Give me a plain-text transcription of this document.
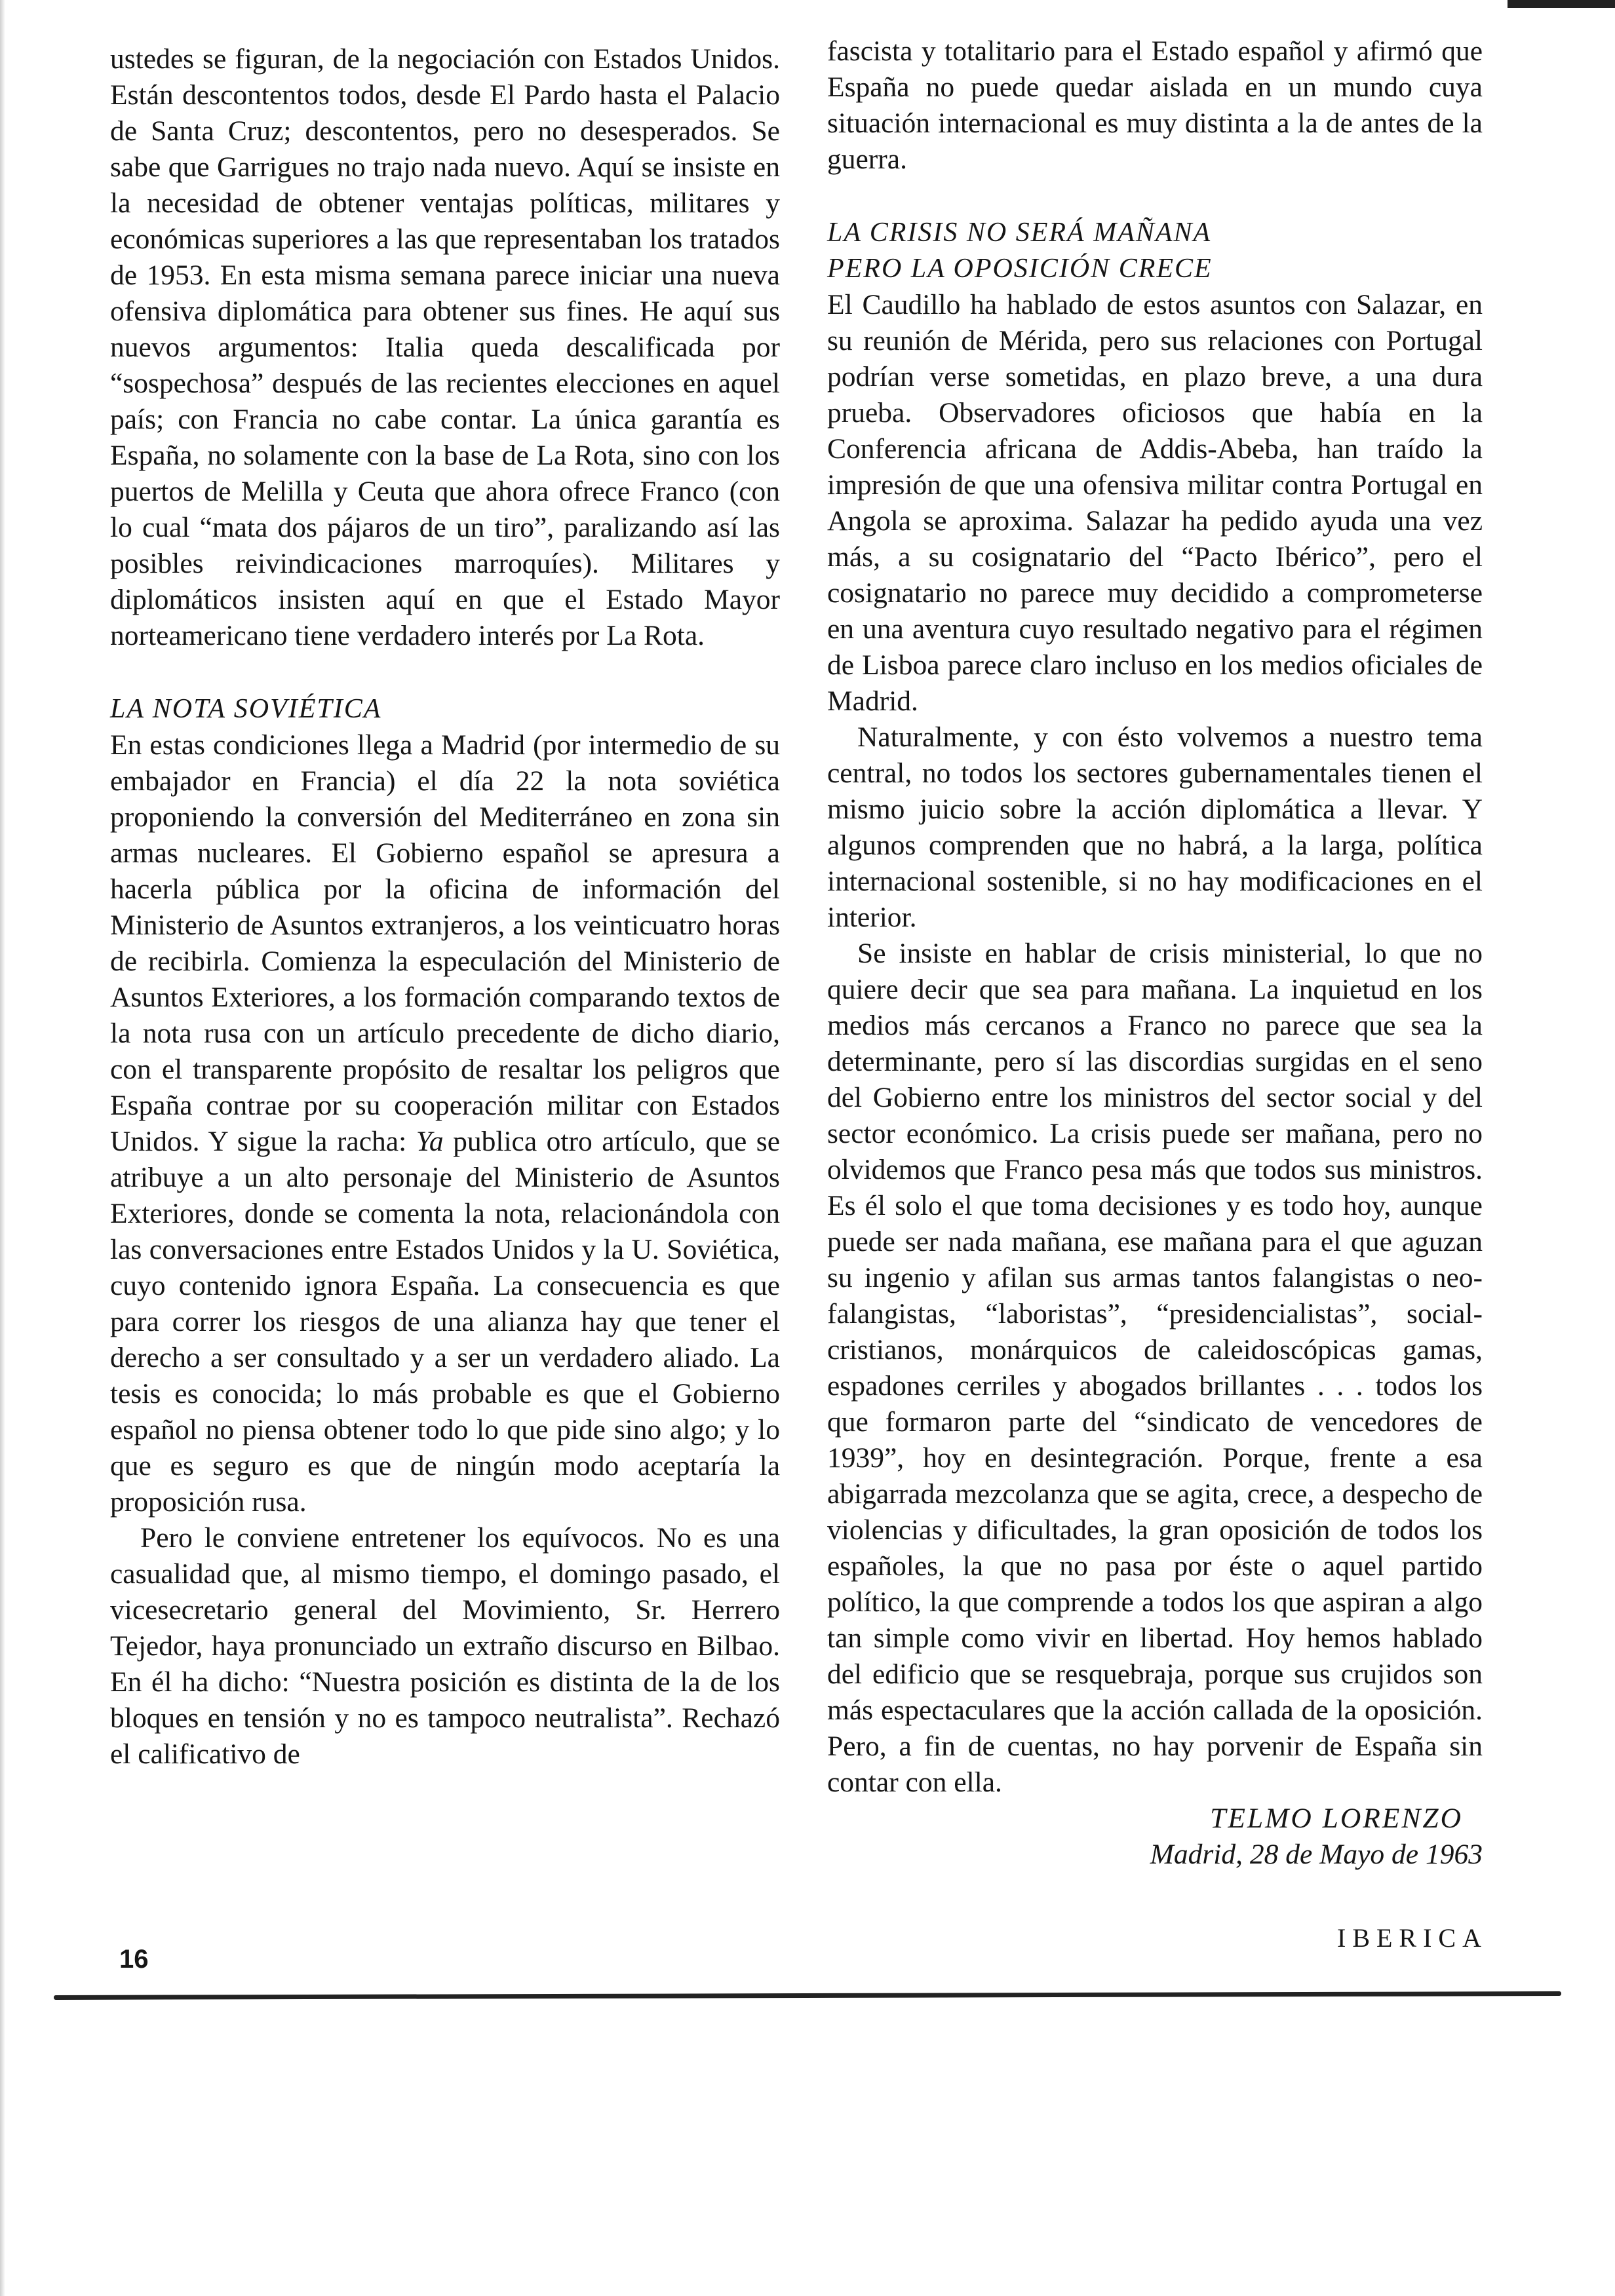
ustedes se figuran, de la negociación con Estados Unidos. Están descontentos todos, desde El Pardo hasta el Palacio de Santa Cruz; descontentos, pero no desesperados. Se sabe que Garrigues no trajo nada nuevo. Aquí se insiste en la necesidad de obtener ventajas políticas, militares y económicas superiores a las que representaban los tratados de 1953. En esta misma semana parece iniciar una nueva ofensiva diplomática para obtener sus fines. He aquí sus nuevos argumentos: Italia queda descalificada por “sospechosa” después de las recientes elecciones en aquel país; con Francia no cabe contar. La única garantía es España, no solamente con la base de La Rota, sino con los puertos de Melilla y Ceuta que ahora ofrece Franco (con lo cual “mata dos pájaros de un tiro”, paralizando así las posibles reivindicaciones marroquíes). Militares y diplomáticos insisten aquí en que el Estado Mayor norteamericano tiene verdadero interés por La Rota.

LA NOTA SOVIÉTICA

En estas condiciones llega a Madrid (por intermedio de su embajador en Francia) el día 22 la nota soviética proponiendo la conversión del Mediterráneo en zona sin armas nucleares. El Gobierno español se apresura a hacerla pública por la oficina de información del Ministerio de Asuntos extranjeros, a los veinticuatro horas de recibirla. Comienza la especulación del Ministerio de Asuntos Exteriores, a los formación comparando textos de la nota rusa con un artículo precedente de dicho diario, con el transparente propósito de resaltar los peligros que España contrae por su cooperación militar con Estados Unidos. Y sigue la racha: Ya publica otro artículo, que se atribuye a un alto personaje del Ministerio de Asuntos Exteriores, donde se comenta la nota, relacionándola con las conversaciones entre Estados Unidos y la U. Soviética, cuyo contenido ignora España. La consecuencia es que para correr los riesgos de una alianza hay que tener el derecho a ser consultado y a ser un verdadero aliado. La tesis es conocida; lo más probable es que el Gobierno español no piensa obtener todo lo que pide sino algo; y lo que es seguro es que de ningún modo aceptaría la proposición rusa.

Pero le conviene entretener los equívocos. No es una casualidad que, al mismo tiempo, el domingo pasado, el vicesecretario general del Movimiento, Sr. Herrero Tejedor, haya pronunciado un extraño discurso en Bilbao. En él ha dicho: “Nuestra posición es distinta de la de los bloques en tensión y no es tampoco neutralista”. Rechazó el calificativo de

fascista y totalitario para el Estado español y afirmó que España no puede quedar aislada en un mundo cuya situación internacional es muy distinta a la de antes de la guerra.

LA CRISIS NO SERÁ MAÑANA

PERO LA OPOSICIÓN CRECE

El Caudillo ha hablado de estos asuntos con Salazar, en su reunión de Mérida, pero sus relaciones con Portugal podrían verse sometidas, en plazo breve, a una dura prueba. Observadores oficiosos que había en la Conferencia africana de Addis-Abeba, han traído la impresión de que una ofensiva militar contra Portugal en Angola se aproxima. Salazar ha pedido ayuda una vez más, a su cosignatario del “Pacto Ibérico”, pero el cosignatario no parece muy decidido a comprometerse en una aventura cuyo resultado negativo para el régimen de Lisboa parece claro incluso en los medios oficiales de Madrid.

Naturalmente, y con ésto volvemos a nuestro tema central, no todos los sectores gubernamentales tienen el mismo juicio sobre la acción diplomática a llevar. Y algunos comprenden que no habrá, a la larga, política internacional sostenible, si no hay modificaciones en el interior.

Se insiste en hablar de crisis ministerial, lo que no quiere decir que sea para mañana. La inquietud en los medios más cercanos a Franco no parece que sea la determinante, pero sí las discordias surgidas en el seno del Gobierno entre los ministros del sector social y del sector económico. La crisis puede ser mañana, pero no olvidemos que Franco pesa más que todos sus ministros. Es él solo el que toma decisiones y es todo hoy, aunque puede ser nada mañana, ese mañana para el que aguzan su ingenio y afilan sus armas tantos falangistas o neo-falangistas, “laboristas”, “presidencialistas”, social-cristianos, monárquicos de caleidoscópicas gamas, espadones cerriles y abogados brillantes . . . todos los que formaron parte del “sindicato de vencedores de 1939”, hoy en desintegración. Porque, frente a esa abigarrada mezcolanza que se agita, crece, a despecho de violencias y dificultades, la gran oposición de todos los españoles, la que no pasa por éste o aquel partido político, la que comprende a todos los que aspiran a algo tan simple como vivir en libertad. Hoy hemos hablado del edificio que se resquebraja, porque sus crujidos son más espectaculares que la acción callada de la oposición. Pero, a fin de cuentas, no hay porvenir de España sin contar con ella.

TELMO LORENZO

Madrid, 28 de Mayo de 1963

16
IBERICA
